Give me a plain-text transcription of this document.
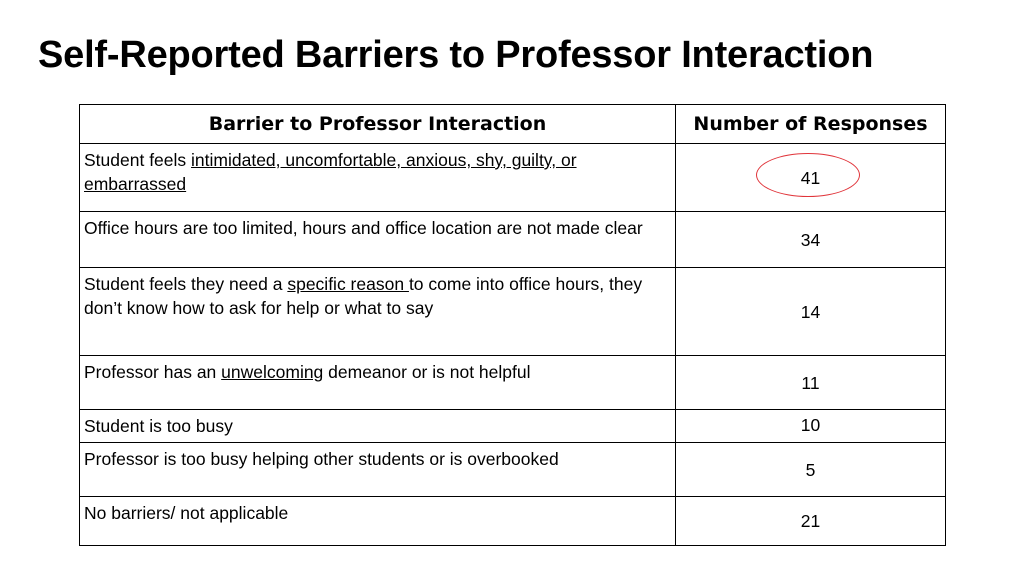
Self-Reported Barriers to Professor Interaction
Barrier to Professor Interaction	Number of Responses
Student feels intimidated, uncomfortable, anxious, shy, guilty, or embarrassed	41

Office hours are too limited, hours and office location are not made clear	34

Student feels they need a specific reason to come into office hours, they don’t know how to ask for help or what to say	14

Professor has an unwelcoming demeanor or is not helpful	11

Student is too busy	10

Professor is too busy helping other students or is overbooked	5

No barriers/ not applicable	21
